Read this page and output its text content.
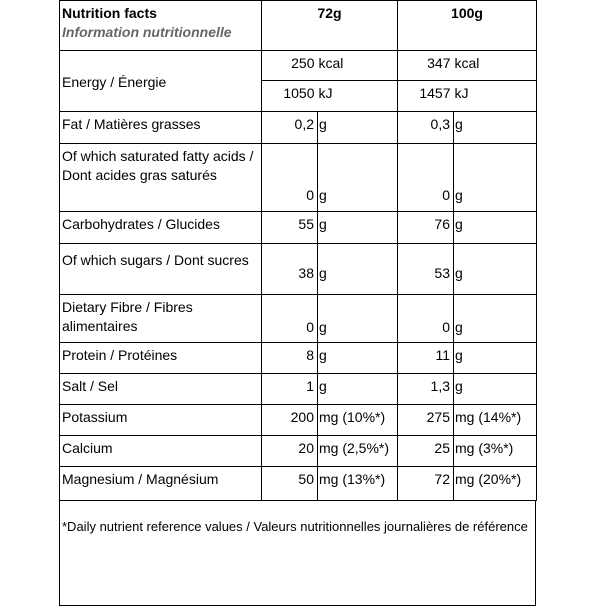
Nutrition facts
Information nutritionnelle	72g		100g	
Energy / Énergie	250	kcal	347	kcal
	1050	kJ	1457	kJ
Fat / Matières grasses	0,2	g	0,3	g
Of which saturated fatty acids / Dont acides gras saturés	0	g	0	g
Carbohydrates / Glucides	55	g	76	g
Of which sugars / Dont sucres	38	g	53	g
Dietary Fibre / Fibres alimentaires	0	g	0	g
Protein / Protéines	8	g	11	g
Salt / Sel	1	g	1,3	g
Potassium	200	mg (10%*)	275	mg (14%*)
Calcium	20	mg (2,5%*)	25	mg (3%*)
Magnesium / Magnésium	50	mg (13%*)	72	mg (20%*)
*Daily nutrient reference values / Valeurs nutritionnelles journalières de référence
